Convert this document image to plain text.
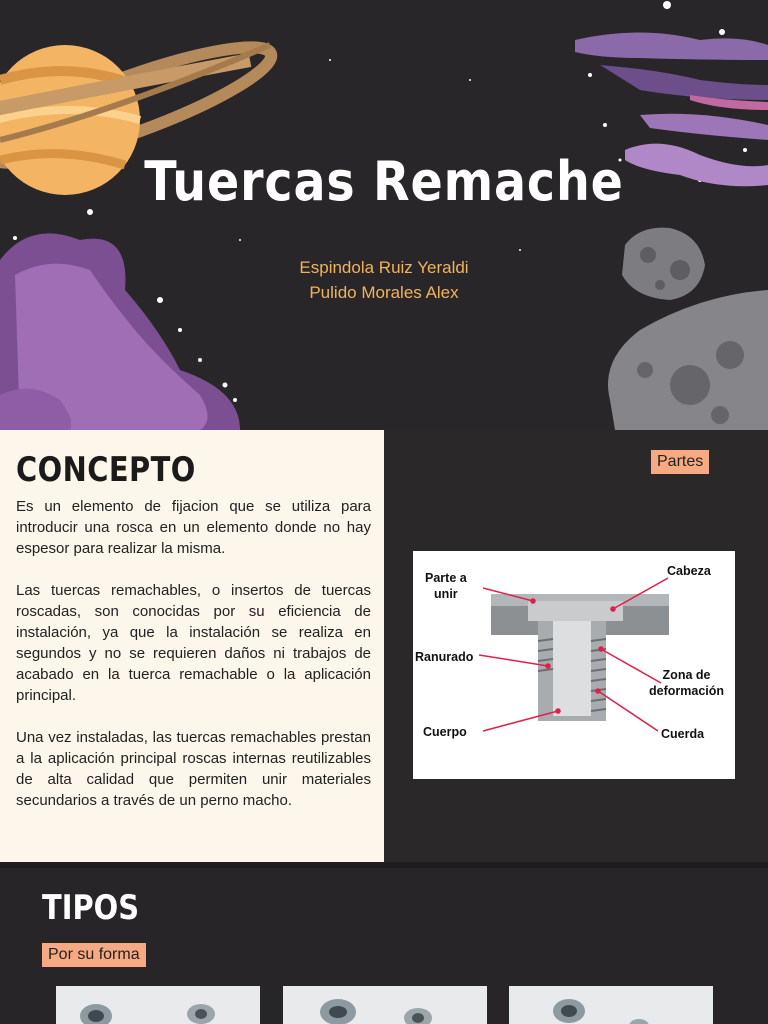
Tuercas Remache
Espindola Ruiz Yeraldi
Pulido Morales Alex
CONCEPTO

Es un elemento de fijacion que se utiliza para introducir una rosca en un elemento donde no hay espesor para realizar la misma.

Las tuercas remachables, o insertos de tuercas roscadas, son conocidas por su eficiencia de instalación, ya que la instalación se realiza en segundos y no se requieren daños ni trabajos de acabado en la tuerca remachable o la aplicación principal.

Una vez instaladas, las tuercas remachables prestan a la aplicación principal roscas internas reutilizables de alta calidad que permiten unir materiales secundarios a través de un perno macho.

Partes
Parte a
unir
Cabeza
Ranurado
Zona de
deformación
Cuerpo	Cuerda
TIPOS
Por su forma
